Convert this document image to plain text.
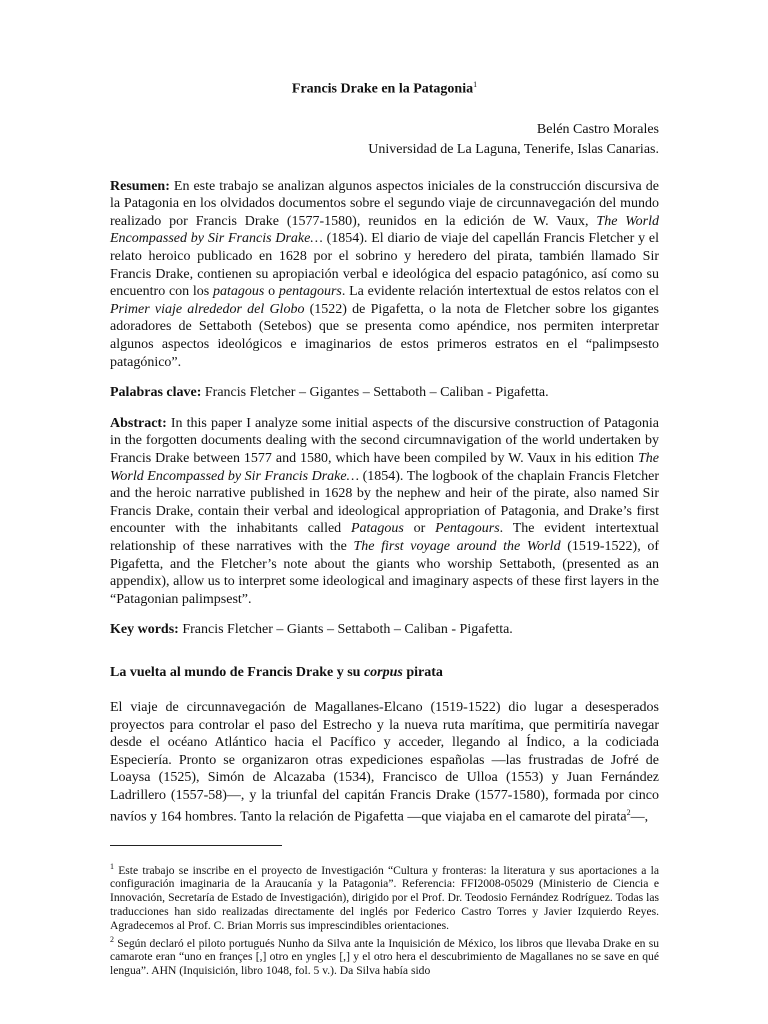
Francis Drake en la Patagonia$^1$
Belén Castro Morales
Universidad de La Laguna, Tenerife, Islas Canarias.

Resumen: En este trabajo se analizan algunos aspectos iniciales de la construcción discursiva de la Patagonia en los olvidados documentos sobre el segundo viaje de circunnavegación del mundo realizado por Francis Drake (1577-1580), reunidos en la edición de W. Vaux, The World Encompassed by Sir Francis Drake… (1854). El diario de viaje del capellán Francis Fletcher y el relato heroico publicado en 1628 por el sobrino y heredero del pirata, también llamado Sir Francis Drake, contienen su apropiación verbal e ideológica del espacio patagónico, así como su encuentro con los patagous o pentagours. La evidente relación intertextual de estos relatos con el Primer viaje alrededor del Globo (1522) de Pigafetta, o la nota de Fletcher sobre los gigantes adoradores de Settaboth (Setebos) que se presenta como apéndice, nos permiten interpretar algunos aspectos ideológicos e imaginarios de estos primeros estratos en el “palimpsesto patagónico”.

Palabras clave: Francis Fletcher – Gigantes – Settaboth – Caliban - Pigafetta.

Abstract: In this paper I analyze some initial aspects of the discursive construction of Patagonia in the forgotten documents dealing with the second circumnavigation of the world undertaken by Francis Drake between 1577 and 1580, which have been compiled by W. Vaux in his edition The World Encompassed by Sir Francis Drake… (1854). The logbook of the chaplain Francis Fletcher and the heroic narrative published in 1628 by the nephew and heir of the pirate, also named Sir Francis Drake, contain their verbal and ideological appropriation of Patagonia, and Drake’s first encounter with the inhabitants called Patagous or Pentagours. The evident intertextual relationship of these narratives with the The first voyage around the World (1519-1522), of Pigafetta, and the Fletcher’s note about the giants who worship Settaboth, (presented as an appendix), allow us to interpret some ideological and imaginary aspects of these first layers in the “Patagonian palimpsest”.

Key words: Francis Fletcher – Giants – Settaboth – Caliban - Pigafetta.

La vuelta al mundo de Francis Drake y su corpus pirata

El viaje de circunnavegación de Magallanes-Elcano (1519-1522) dio lugar a desesperados proyectos para controlar el paso del Estrecho y la nueva ruta marítima, que permitiría navegar desde el océano Atlántico hacia el Pacífico y acceder, llegando al Índico, a la codiciada Especiería. Pronto se organizaron otras expediciones españolas —las frustradas de Jofré de Loaysa (1525), Simón de Alcazaba (1534), Francisco de Ulloa (1553) y Juan Fernández Ladrillero (1557-58)—, y la triunfal del capitán Francis Drake (1577-1580), formada por cinco navíos y 164 hombres. Tanto la relación de Pigafetta —que viajaba en el camarote del pirata$^2$—,

$^1$ Este trabajo se inscribe en el proyecto de Investigación “Cultura y fronteras: la literatura y sus aportaciones a la configuración imaginaria de la Araucanía y la Patagonia”. Referencia: FFI2008-05029 (Ministerio de Ciencia e Innovación, Secretaría de Estado de Investigación), dirigido por el Prof. Dr. Teodosio Fernández Rodríguez. Todas las traducciones han sido realizadas directamente del inglés por Federico Castro Torres y Javier Izquierdo Reyes. Agradecemos al Prof. C. Brian Morris sus imprescindibles orientaciones.

$^2$ Según declaró el piloto portugués Nunho da Silva ante la Inquisición de México, los libros que llevaba Drake en su camarote eran “uno en françes [,] otro en yngles [,] y el otro hera el descubrimiento de Magallanes no se save en qué lengua”. AHN (Inquisición, libro 1048, fol. 5 v.). Da Silva había sido
